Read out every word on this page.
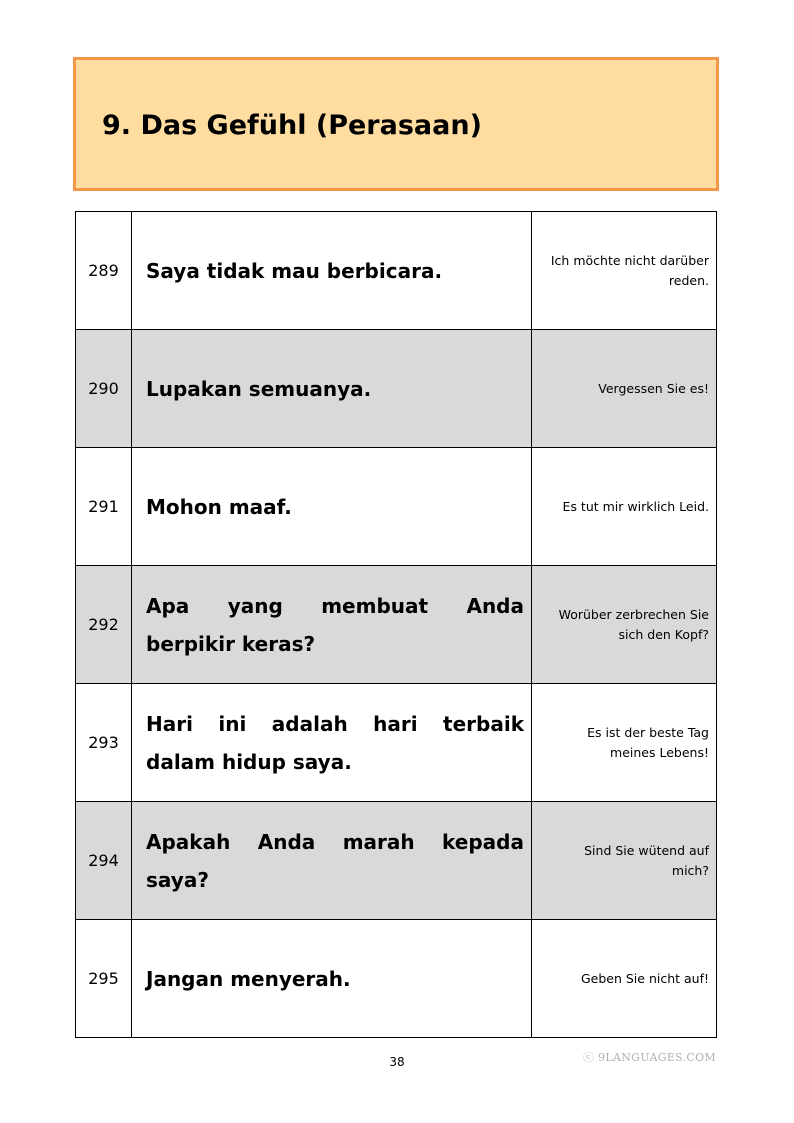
9. Das Gefühl (Perasaan)
289	Saya tidak mau berbicara.	Ich möchte nicht darüber reden.
290	Lupakan semuanya.	Vergessen Sie es!
291	Mohon maaf.	Es tut mir wirklich Leid.
292	Apa yang membuat Anda berpikir keras?	Worüber zerbrechen Sie sich den Kopf?
293	Hari ini adalah hari terbaik dalam hidup saya.	Es ist der beste Tag meines Lebens!
294	Apakah Anda marah kepada saya?	Sind Sie wütend auf mich?
295	Jangan menyerah.	Geben Sie nicht auf!
38	ⓒ 9LANGUAGES.COM
